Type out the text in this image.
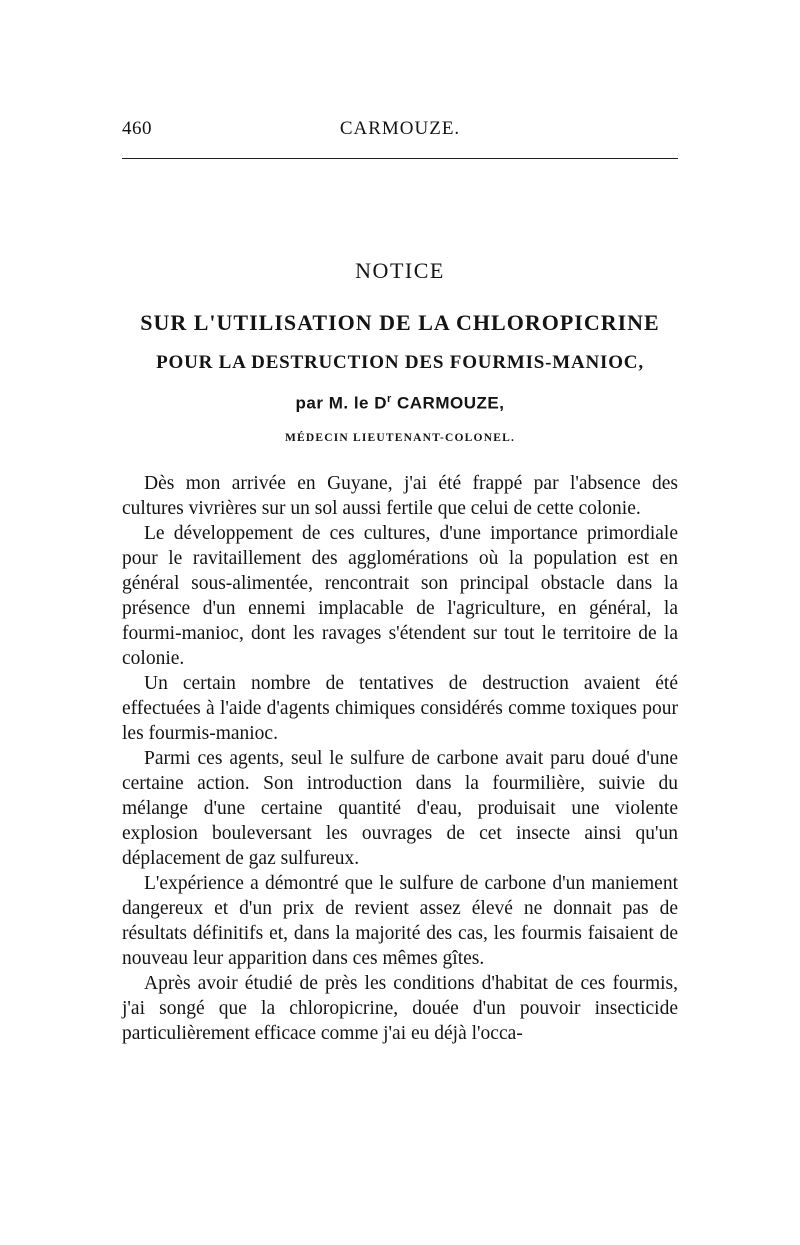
460	CARMOUZE.
NOTICE
SUR L'UTILISATION DE LA CHLOROPICRINE
POUR LA DESTRUCTION DES FOURMIS-MANIOC,
par M. le $D^r$ CARMOUZE,
MÉDECIN LIEUTENANT-COLONEL.

Dès mon arrivée en Guyane, j'ai été frappé par l'absence des cultures vivrières sur un sol aussi fertile que celui de cette colonie.

Le développement de ces cultures, d'une importance primordiale pour le ravitaillement des agglomérations où la population est en général sous-alimentée, rencontrait son principal obstacle dans la présence d'un ennemi implacable de l'agriculture, en général, la fourmi-manioc, dont les ravages s'étendent sur tout le territoire de la colonie.

Un certain nombre de tentatives de destruction avaient été effectuées à l'aide d'agents chimiques considérés comme toxiques pour les fourmis-manioc.

Parmi ces agents, seul le sulfure de carbone avait paru doué d'une certaine action. Son introduction dans la fourmilière, suivie du mélange d'une certaine quantité d'eau, produisait une violente explosion bouleversant les ouvrages de cet insecte ainsi qu'un déplacement de gaz sulfureux.

L'expérience a démontré que le sulfure de carbone d'un maniement dangereux et d'un prix de revient assez élevé ne donnait pas de résultats définitifs et, dans la majorité des cas, les fourmis faisaient de nouveau leur apparition dans ces mêmes gîtes.

Après avoir étudié de près les conditions d'habitat de ces fourmis, j'ai songé que la chloropicrine, douée d'un pouvoir insecticide particulièrement efficace comme j'ai eu déjà l'occa-
